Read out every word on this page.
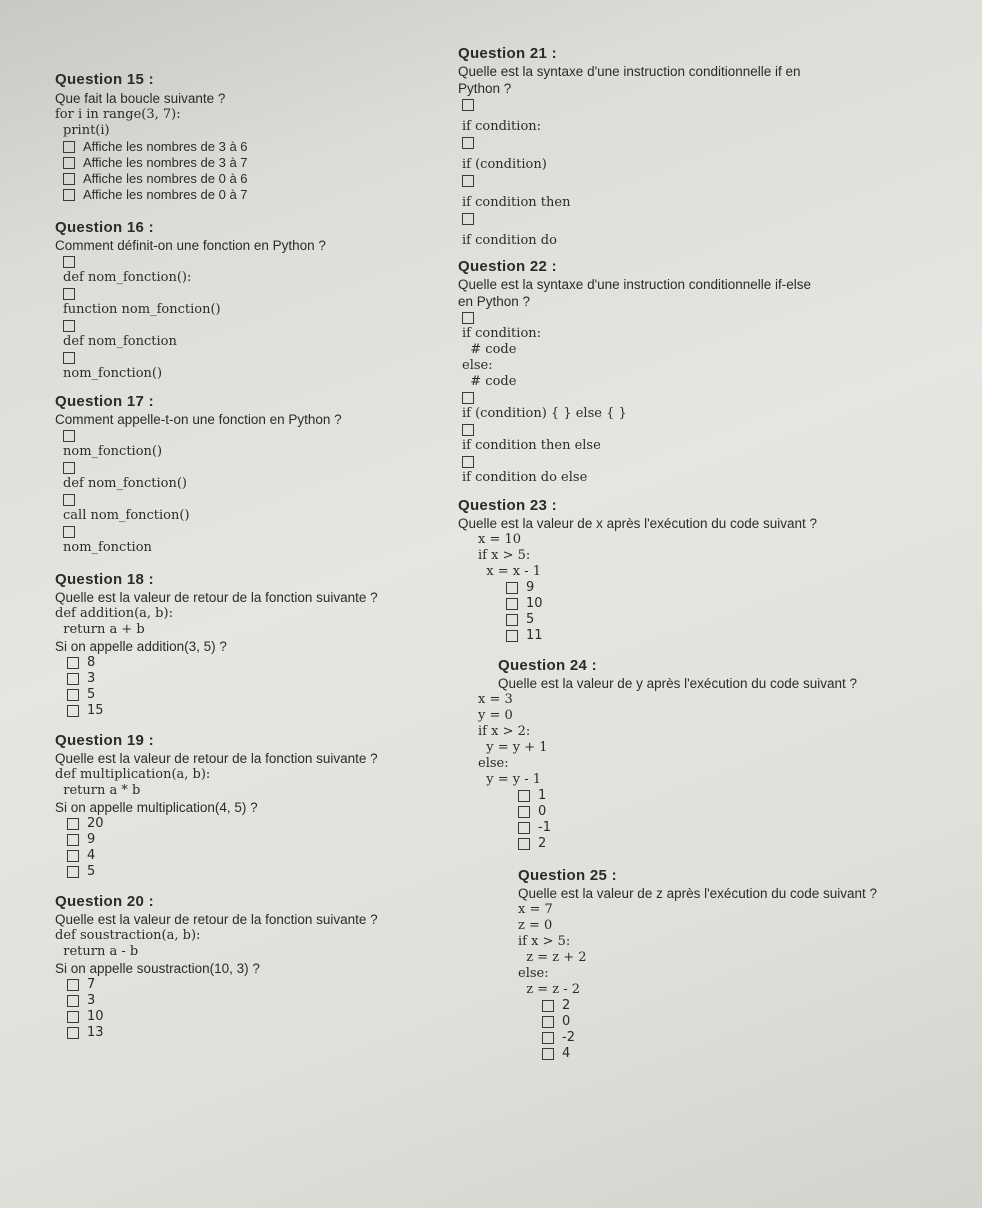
Question 15 :

Que fait la boucle suivante ?

for i in range(3, 7):

print(i)

Affiche les nombres de 3 à 6

Affiche les nombres de 3 à 7

Affiche les nombres de 0 à 6

Affiche les nombres de 0 à 7

Question 16 :

Comment définit-on une fonction en Python ?

def nom_fonction():

function nom_fonction()

def nom_fonction

nom_fonction()

Question 17 :

Comment appelle-t-on une fonction en Python ?

nom_fonction()

def nom_fonction()

call nom_fonction()

nom_fonction

Question 18 :

Quelle est la valeur de retour de la fonction suivante ?

def addition(a, b):

return a + b

Si on appelle addition(3, 5) ?

8

3

5

15

Question 19 :

Quelle est la valeur de retour de la fonction suivante ?

def multiplication(a, b):

return a * b

Si on appelle multiplication(4, 5) ?

20

9

4

5

Question 20 :

Quelle est la valeur de retour de la fonction suivante ?

def soustraction(a, b):

return a - b

Si on appelle soustraction(10, 3) ?

7

3

10

13

Question 21 :

Quelle est la syntaxe d'une instruction conditionnelle if en Python ?

if condition:

if (condition)

if condition then

if condition do

Question 22 :

Quelle est la syntaxe d'une instruction conditionnelle if-else en Python ?

if condition:

# code

else:

# code

if (condition) { } else { }

if condition then else

if condition do else

Question 23 :

Quelle est la valeur de x après l'exécution du code suivant ?

x = 10

if x > 5:

x = x - 1

9

10

5

11

Question 24 :

Quelle est la valeur de y après l'exécution du code suivant ?

x = 3

y = 0

if x > 2:

y = y + 1

else:

y = y - 1

1

0

-1

2

Question 25 :

Quelle est la valeur de z après l'exécution du code suivant ?

x = 7

z = 0

if x > 5:

z = z + 2

else:

z = z - 2

2

0

-2

4
